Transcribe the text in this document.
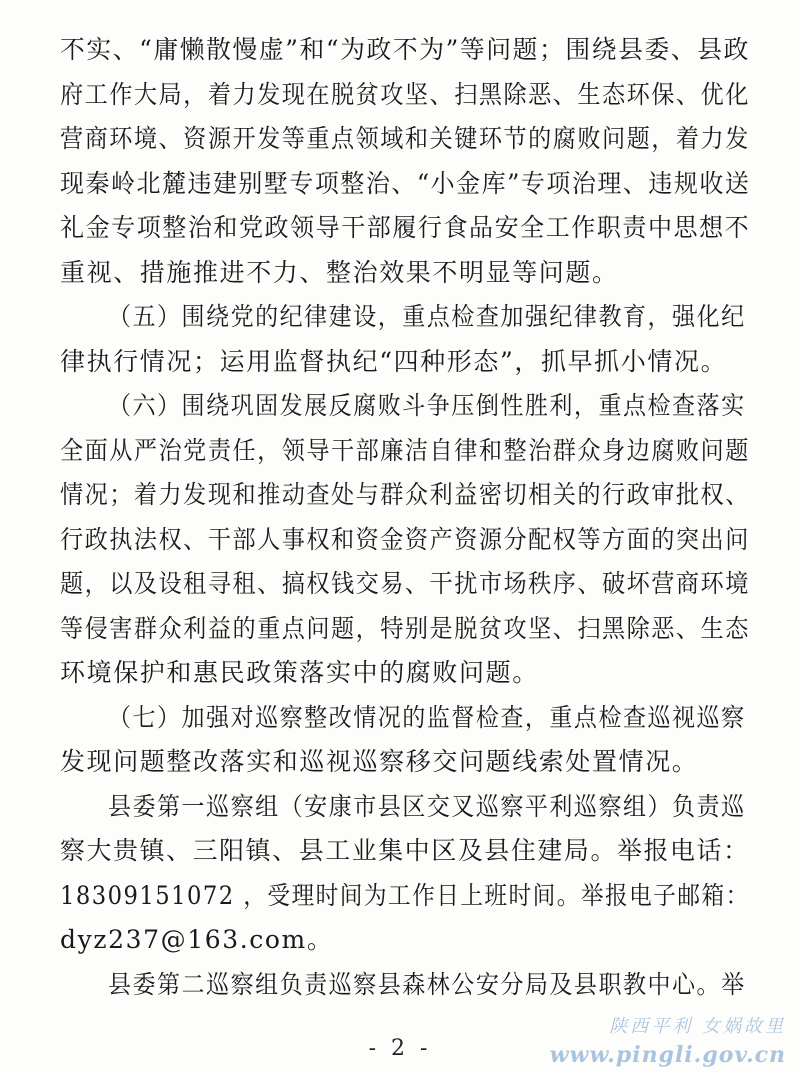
不实、“庸懒散慢虚”和“为政不为”等问题；围绕县委、县政
府工作大局，着力发现在脱贫攻坚、扫黑除恶、生态环保、优化
营商环境、资源开发等重点领域和关键环节的腐败问题，着力发
现秦岭北麓违建别墅专项整治、“小金库”专项治理、违规收送
礼金专项整治和党政领导干部履行食品安全工作职责中思想不
重视、措施推进不力、整治效果不明显等问题。
（五）围绕党的纪律建设，重点检查加强纪律教育，强化纪
律执行情况；运用监督执纪“四种形态”，抓早抓小情况。
（六）围绕巩固发展反腐败斗争压倒性胜利，重点检查落实
全面从严治党责任，领导干部廉洁自律和整治群众身边腐败问题
情况；着力发现和推动查处与群众利益密切相关的行政审批权、
行政执法权、干部人事权和资金资产资源分配权等方面的突出问
题，以及设租寻租、搞权钱交易、干扰市场秩序、破坏营商环境
等侵害群众利益的重点问题，特别是脱贫攻坚、扫黑除恶、生态
环境保护和惠民政策落实中的腐败问题。
（七）加强对巡察整改情况的监督检查，重点检查巡视巡察
发现问题整改落实和巡视巡察移交问题线索处置情况。
县委第一巡察组（安康市县区交叉巡察平利巡察组）负责巡
察大贵镇、三阳镇、县工业集中区及县住建局。举报电话：
18309151072 ，受理时间为工作日上班时间。举报电子邮箱：
dyz237@163.com。
县委第二巡察组负责巡察县森林公安分局及县职教中心。举
陕西平利 女娲故里
www.pingli.gov.cn
- 2 -
